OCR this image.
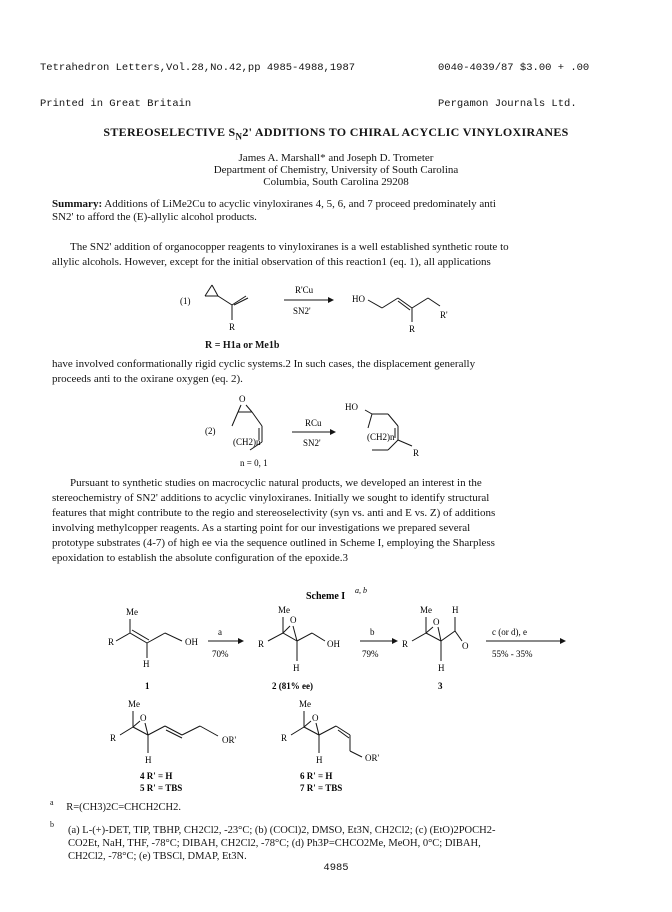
Tetrahedron Letters,Vol.28,No.42,pp 4985-4988,1987

Printed in Great Britain

0040-4039/87 $3.00 + .00

Pergamon Journals Ltd.

STEREOSELECTIVE $S_N2'$ ADDITIONS TO CHIRAL ACYCLIC VINYLOXIRANES
James A. Marshall* and Joseph D. Trometer
Department of Chemistry, University of South Carolina
Columbia, South Carolina 29208
Summary: Additions of LiMe2Cu to acyclic vinyloxiranes 4, 5, 6, and 7 proceed predominately anti
SN2' to afford the (E)-allylic alcohol products.
The SN2' addition of organocopper reagents to vinyloxiranes is a well established synthetic route to
allylic alcohols. However, except for the initial observation of this reaction1 (eq. 1), all applications
(1)
R
R'Cu
SN2'
HO
R'
R
R = H1a or Me1b
have involved conformationally rigid cyclic systems.2 In such cases, the displacement generally
proceeds anti to the oxirane oxygen (eq. 2).
(2)
O
(CH2)n
n = 0, 1
RCu
SN2'
HO
(CH2)n
R
Pursuant to synthetic studies on macrocyclic natural products, we developed an interest in the
stereochemistry of SN2' additions to acyclic vinyloxiranes. Initially we sought to identify structural
features that might contribute to the regio and stereoselectivity (syn vs. anti and E vs. Z) of additions
involving methylcopper reagents. As a starting point for our investigations we prepared several
prototype substrates (4-7) of high ee via the sequence outlined in Scheme I, employing the Sharpless
epoxidation to establish the absolute configuration of the epoxide.3
Scheme I
a, b
Me
R	OH
H
1
a
70%
Me
O
R	OH
H
2 (81% ee)
b
79%
Me H
O
R	O
H
3
c (or d), e
55% - 35%
Me
O
R
H
OR'
4 R' = H
5 R' = TBS
Me
O
R
H	OR'
6 R' = H
7 R' = TBS
$^a$ R=(CH3)2C=CHCH2CH2.
b
(a) L-(+)-DET, TIP, TBHP, CH2Cl2, -23°C; (b) (COCl)2, DMSO, Et3N, CH2Cl2; (c) (EtO)2POCH2-
CO2Et, NaH, THF, -78°C; DIBAH, CH2Cl2, -78°C; (d) Ph3P=CHCO2Me, MeOH, 0°C; DIBAH,
CH2Cl2, -78°C; (e) TBSCl, DMAP, Et3N.
4985
